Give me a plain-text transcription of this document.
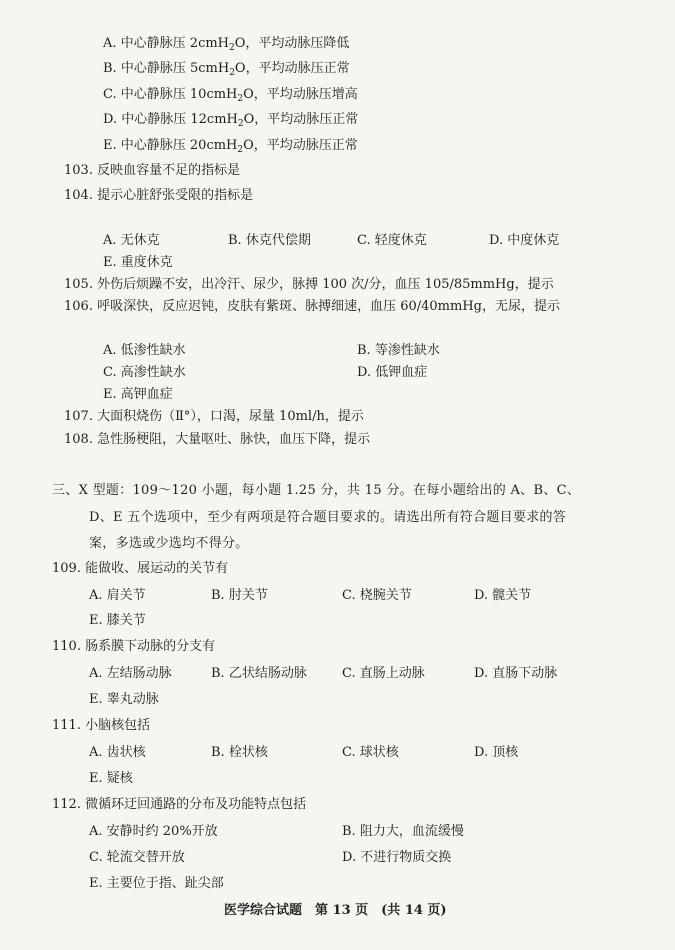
A. 中心静脉压 2cmH$_2$O，平均动脉压降低
B. 中心静脉压 5cmH$_2$O，平均动脉压正常
C. 中心静脉压 10cmH$_2$O，平均动脉压增高
D. 中心静脉压 12cmH$_2$O，平均动脉压正常
E. 中心静脉压 20cmH$_2$O，平均动脉压正常
103. 反映血容量不足的指标是
104. 提示心脏舒张受限的指标是
A. 无休克	B. 休克代偿期	C. 轻度休克	D. 中度休克
E. 重度休克
105. 外伤后烦躁不安，出冷汗、尿少，脉搏 100 次/分，血压 105/85mmHg，提示
106. 呼吸深快，反应迟钝，皮肤有紫斑、脉搏细速，血压 60/40mmHg，无尿，提示
A. 低渗性缺水	B. 等渗性缺水
C. 高渗性缺水	D. 低钾血症
E. 高钾血症
107. 大面积烧伤（Ⅱ°），口渴，尿量 10ml/h，提示
108. 急性肠梗阻，大量呕吐、脉快，血压下降，提示
三、X 型题：109～120 小题，每小题 1.25 分，共 15 分。在每小题给出的 A、B、C、
D、E 五个选项中，至少有两项是符合题目要求的。请选出所有符合题目要求的答
案，多选或少选均不得分。
109. 能做收、展运动的关节有
A. 肩关节	B. 肘关节	C. 桡腕关节	D. 髋关节
E. 膝关节
110. 肠系膜下动脉的分支有
A. 左结肠动脉	B. 乙状结肠动脉	C. 直肠上动脉	D. 直肠下动脉
E. 睾丸动脉
111. 小脑核包括
A. 齿状核	B. 栓状核	C. 球状核	D. 顶核
E. 疑核
112. 微循环迂回通路的分布及功能特点包括
A. 安静时约 20%开放	B. 阻力大，血流缓慢
C. 轮流交替开放	D. 不进行物质交换
E. 主要位于指、趾尖部
医学综合试题　第 13 页　(共 14 页)
